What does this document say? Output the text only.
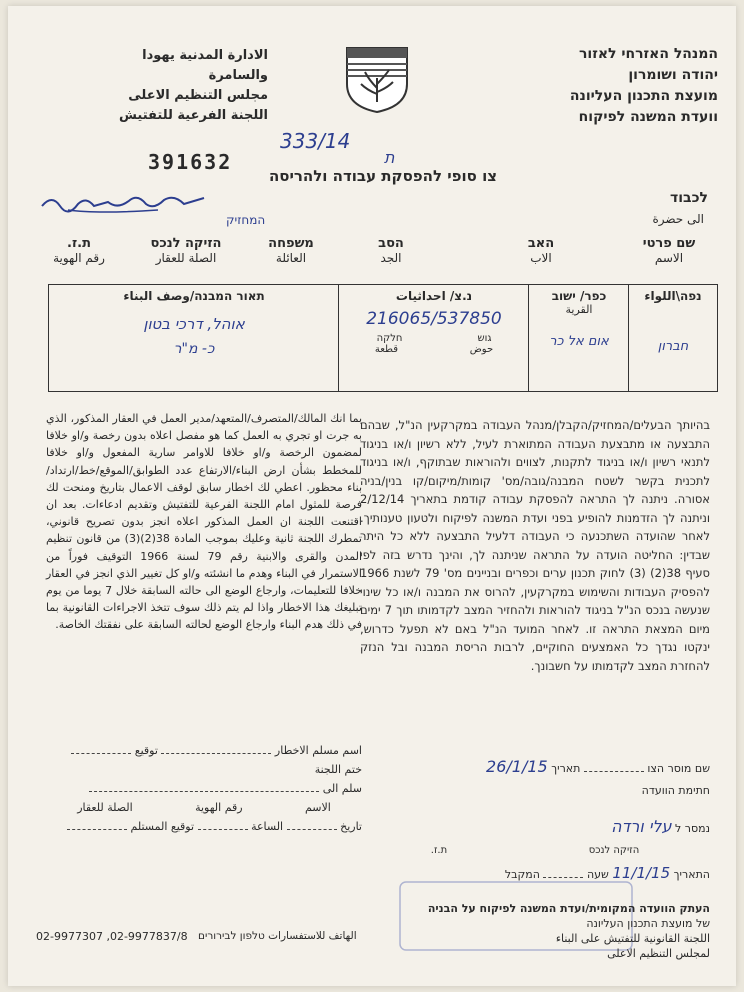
המנהל האזרחי לאזור
יהודה ושומרון
מועצת התכנון העליונה
וועדת המשנה לפיקוח
الادارة المدنية يهودا
والسامرة
مجلس التنظيم الاعلى
اللجنة الفرعية للتفتيش
391632
333/14
ת
צו סופי להפסקת עבודה ולהריסה
לכבוד
الى حضرة
המחזיק
שם פרטי
الاسم
האב
الاب
הסב
الجد
משפחה
العائلة
הזיקה לנכס
الصلة للعقار
ת.ז.
رقم الهوية
נפה\اللواء
חברון
כפר/ ישוב
القرية
אום אל כר
נ.צ/ احداثيات
216065/537850
גוש
חלקה
حوض
قطعة
תאור המבנה/وصف البناء
אוהל, דרכי בטון
כ- מ"ר
בהיותך הבעלים/המחזיק/הקבלן/מנהל העבודה במקרקעין הנ"ל, שבהם התבצעה או מתבצעת העבודה המתוארת לעיל, ללא רשיון ו/או בניגוד לתנאי רשיון ו/או בניגוד לתקנות, לצווים ולהוראות שבתוקף, ו/או בניגוד לתכנית בקשר לשטח המבנה/גובה/מס' קומות/מיקום/קו בנין/בניה אסורה. ניתנה לך התראה להפסקת עבודה קודמת בתאריך 2/12/14 וניתנה לך הזדמנות להופיע בפני ועדת המשנה לפיקוח ולטעון טענותיך. לאחר שהועדה השתכנעה כי העבודה דלעיל התבצעה ללא כל היתר שבדין: החליטה הועדה על התראה שניתנה לך, והינך נדרש בזה לפי סעיף 38(2) (3) לחוק תכנון ערים וכפרים ובניינים מס' 79 לשנת 1966 להפסיק העבודות והשימוש במקרקעין, להרוס את המבנה ו/או כל שינוי שנעשה בנכס הנ"ל בניגוד להוראות ולהחזיר המצב לקדמותו תוך 7 ימים מיום המצאת התראה זו. לאחר המועד הנ"ל באם לא תפעל כדרוש, ינקטו נגדך כל האמצעים החוקיים, לרבות הריסת המבנה ובל הנזק להחזרת המצב לקדמותו על חשבונך.
بما انك المالك/المتصرف/المتعهد/مدير العمل في العقار المذكور، الذي به جرت او تجري به العمل كما هو مفصل اعلاه بدون رخصة و/او خلافا لمضمون الرخصة و/او خلافا للاوامر سارية المفعول و/او خلافا للمخطط بشأن ارض البناء/الارتفاع عدد الطوابق/الموقع/خط/ارتداد/بناء محظور. اعطي لك اخطار سابق لوقف الاعمال بتاريخ ومنحت لك فرصة للمثول امام اللجنة الفرعية للتفتيش وتقديم ادعاءات. بعد ان اقتنعت اللجنة ان العمل المذكور اعلاه انجز بدون تصريح قانوني، تمطرك اللجنة ثانية وعليك بموجب المادة 38(2)(3) من قانون تنظيم المدن والقرى والابنية رقم 79 لسنة 1966 التوقيف فوراً من الاستمرار في البناء وهدم ما انشئته و/او كل تغيير الذي انجز في العقار خلافا للتعليمات، وارجاع الوضع الى حالته السابقة خلال 7 يوما من يوم تبليغك هذا الاخطار واذا لم يتم ذلك سوف تتخذ الاجراءات القانونية بما في ذلك هدم البناء وارجاع الوضع لحالته السابقة على نفقتك الخاصة.
اسم مسلم الاخطار  توقيع
ختم اللجنة
سلم الى
الاسم
رقم الهوية
الصلة للعقار
تاريخ  الساعة  توقيع المستلم
שם מוסר הצו  תאריך 26/1/15
חתימת הוועדה
נמסר ל עלי ורדה
הזיקה לנכס
ת.ז.
התאריך 11/1/15 שעה  המקבל
העתק הוועדה המקומית/ועדת המשנה לפיקוח על הבניה
של מועצת התכנון העליונה
اللجنة القانونية للتفتيش على البناء
لمجلس التنظيم الاعلى
02-9977307 ,02-9977837/8	الهاتف للاستفسارات טלפון לבירורים
